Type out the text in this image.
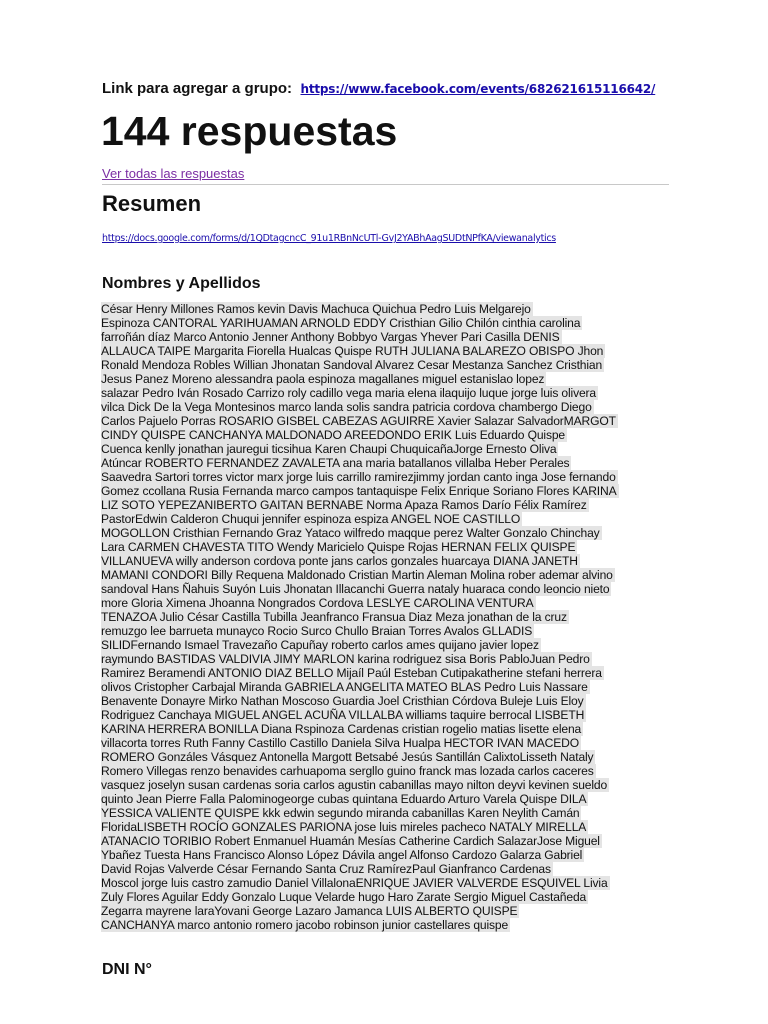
Link para agregar a grupo: https://www.facebook.com/events/682621615116642/
144 respuestas
Ver todas las respuestas
Resumen
https://docs.google.com/forms/d/1QDtagcncC_91u1RBnNcUTl-GvJ2YABhAagSUDtNPfKA/viewanalytics
Nombres y Apellidos
César Henry Millones Ramos kevin Davis Machuca Quichua Pedro Luis Melgarejo
Espinoza CANTORAL YARIHUAMAN ARNOLD EDDY Cristhian Gilio Chilón cinthia carolina
farroñán díaz Marco Antonio Jenner Anthony Bobbyo Vargas Yhever Pari Casilla DENIS
ALLAUCA TAIPE Margarita Fiorella Hualcas Quispe RUTH JULIANA BALAREZO OBISPO Jhon
Ronald Mendoza Robles Willian Jhonatan Sandoval Alvarez Cesar Mestanza Sanchez Cristhian
Jesus Panez Moreno alessandra paola espinoza magallanes miguel estanislao lopez
salazar Pedro Iván Rosado Carrizo roly cadillo vega maria elena ilaquijo luque jorge luis olivera
vilca Dick De la Vega Montesinos marco landa solis sandra patricia cordova chambergo Diego
Carlos Pajuelo Porras ROSARIO GISBEL CABEZAS AGUIRRE Xavier Salazar SalvadorMARGOT
CINDY QUISPE CANCHANYA MALDONADO AREEDONDO ERIK Luis Eduardo Quispe
Cuenca kenlly jonathan jauregui ticsihua Karen Chaupi ChuquicañaJorge Ernesto Oliva
Atúncar ROBERTO FERNANDEZ ZAVALETA ana maria batallanos villalba Heber Perales
Saavedra Sartori torres victor marx jorge luis carrillo ramirezjimmy jordan canto inga Jose fernando
Gomez ccollana Rusia Fernanda marco campos tantaquispe Felix Enrique Soriano Flores KARINA
LIZ SOTO YEPEZANIBERTO GAITAN BERNABE Norma Apaza Ramos Darío Félix Ramírez
PastorEdwin Calderon Chuqui jennifer espinoza espiza ANGEL NOE CASTILLO
MOGOLLON Cristhian Fernando Graz Yataco wilfredo maqque perez Walter Gonzalo Chinchay
Lara CARMEN CHAVESTA TITO Wendy Maricielo Quispe Rojas HERNAN FELIX QUISPE
VILLANUEVA willy anderson cordova ponte jans carlos gonzales huarcaya DIANA JANETH
MAMANI CONDORI Billy Requena Maldonado Cristian Martin Aleman Molina rober ademar alvino
sandoval Hans Ñahuis Suyón Luis Jhonatan Illacanchi Guerra nataly huaraca condo leoncio nieto
more Gloria Ximena Jhoanna Nongrados Cordova LESLYE CAROLINA VENTURA
TENAZOA Julio César Castilla Tubilla Jeanfranco Fransua Diaz Meza jonathan de la cruz
remuzgo lee barrueta munayco Rocio Surco Chullo Braian Torres Avalos GLLADIS
SILIDFernando Ismael Travezaño Capuñay roberto carlos ames quijano javier lopez
raymundo BASTIDAS VALDIVIA JIMY MARLON karina rodriguez sisa Boris PabloJuan Pedro
Ramirez Beramendi ANTONIO DIAZ BELLO Mijaíl Paúl Esteban Cutipakatherine stefani herrera
olivos Cristopher Carbajal Miranda GABRIELA ANGELITA MATEO BLAS Pedro Luis Nassare
Benavente Donayre Mirko Nathan Moscoso Guardia Joel Cristhian Córdova Buleje Luis Eloy
Rodriguez Canchaya MIGUEL ANGEL ACUÑA VILLALBA williams taquire berrocal LISBETH
KARINA HERRERA BONILLA Diana Rspinoza Cardenas cristian rogelio matias lisette elena
villacorta torres Ruth Fanny Castillo Castillo Daniela Silva Hualpa HECTOR IVAN MACEDO
ROMERO Gonzáles Vásquez Antonella Margott Betsabé Jesús Santillán CalixtoLisseth Nataly
Romero Villegas renzo benavides carhuapoma sergllo guino franck mas lozada carlos caceres
vasquez joselyn susan cardenas soria carlos agustin cabanillas mayo nilton deyvi kevinen sueldo
quinto Jean Pierre Falla Palominogeorge cubas quintana Eduardo Arturo Varela Quispe DILA
YESSICA VALIENTE QUISPE kkk edwin segundo miranda cabanillas Karen Neylith Camán
FloridaLISBETH ROCÍO GONZALES PARIONA jose luis mireles pacheco NATALY MIRELLA
ATANACIO TORIBIO Robert Enmanuel Huamán Mesías Catherine Cardich SalazarJose Miguel
Ybañez Tuesta Hans Francisco Alonso López Dávila angel Alfonso Cardozo Galarza Gabriel
David Rojas Valverde César Fernando Santa Cruz RamírezPaul Gianfranco Cardenas
Moscol jorge luis castro zamudio Daniel VillalonaENRIQUE JAVIER VALVERDE ESQUIVEL Livia
Zuly Flores Aguilar Eddy Gonzalo Luque Velarde hugo Haro Zarate Sergio Miguel Castañeda
Zegarra mayrene laraYovani George Lazaro Jamanca LUIS ALBERTO QUISPE
CANCHANYA marco antonio romero jacobo robinson junior castellares quispe
DNI N°
